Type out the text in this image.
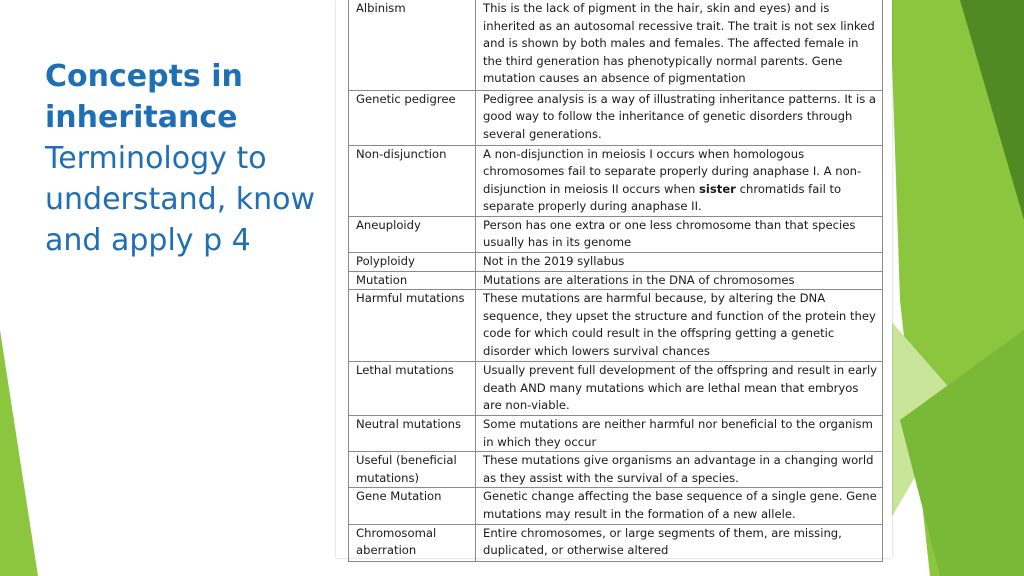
Concepts in inheritance
Terminology to understand, know and apply p 4
Albinism	This is the lack of pigment in the hair, skin and eyes) and is inherited as an autosomal recessive trait. The trait is not sex linked and is shown by both males and females. The affected female in the third generation has phenotypically normal parents. Gene mutation causes an absence of pigmentation
Genetic pedigree	Pedigree analysis is a way of illustrating inheritance patterns. It is a good way to follow the inheritance of genetic disorders through several generations.
Non-disjunction	A non-disjunction in meiosis I occurs when homologous chromosomes fail to separate properly during anaphase I. A non-disjunction in meiosis II occurs when sister chromatids fail to separate properly during anaphase II.
Aneuploidy	Person has one extra or one less chromosome than that species usually has in its genome
Polyploidy	Not in the 2019 syllabus
Mutation	Mutations are alterations in the DNA of chromosomes
Harmful mutations	These mutations are harmful because, by altering the DNA sequence, they upset the structure and function of the protein they code for which could result in the offspring getting a genetic disorder which lowers survival chances
Lethal mutations	Usually prevent full development of the offspring and result in early death AND many mutations which are lethal mean that embryos are non-viable.
Neutral mutations	Some mutations are neither harmful nor beneficial to the organism in which they occur
Useful (beneficial mutations)	These mutations give organisms an advantage in a changing world as they assist with the survival of a species.
Gene Mutation	Genetic change affecting the base sequence of a single gene. Gene mutations may result in the formation of a new allele.
Chromosomal aberration	Entire chromosomes, or large segments of them, are missing, duplicated, or otherwise altered
